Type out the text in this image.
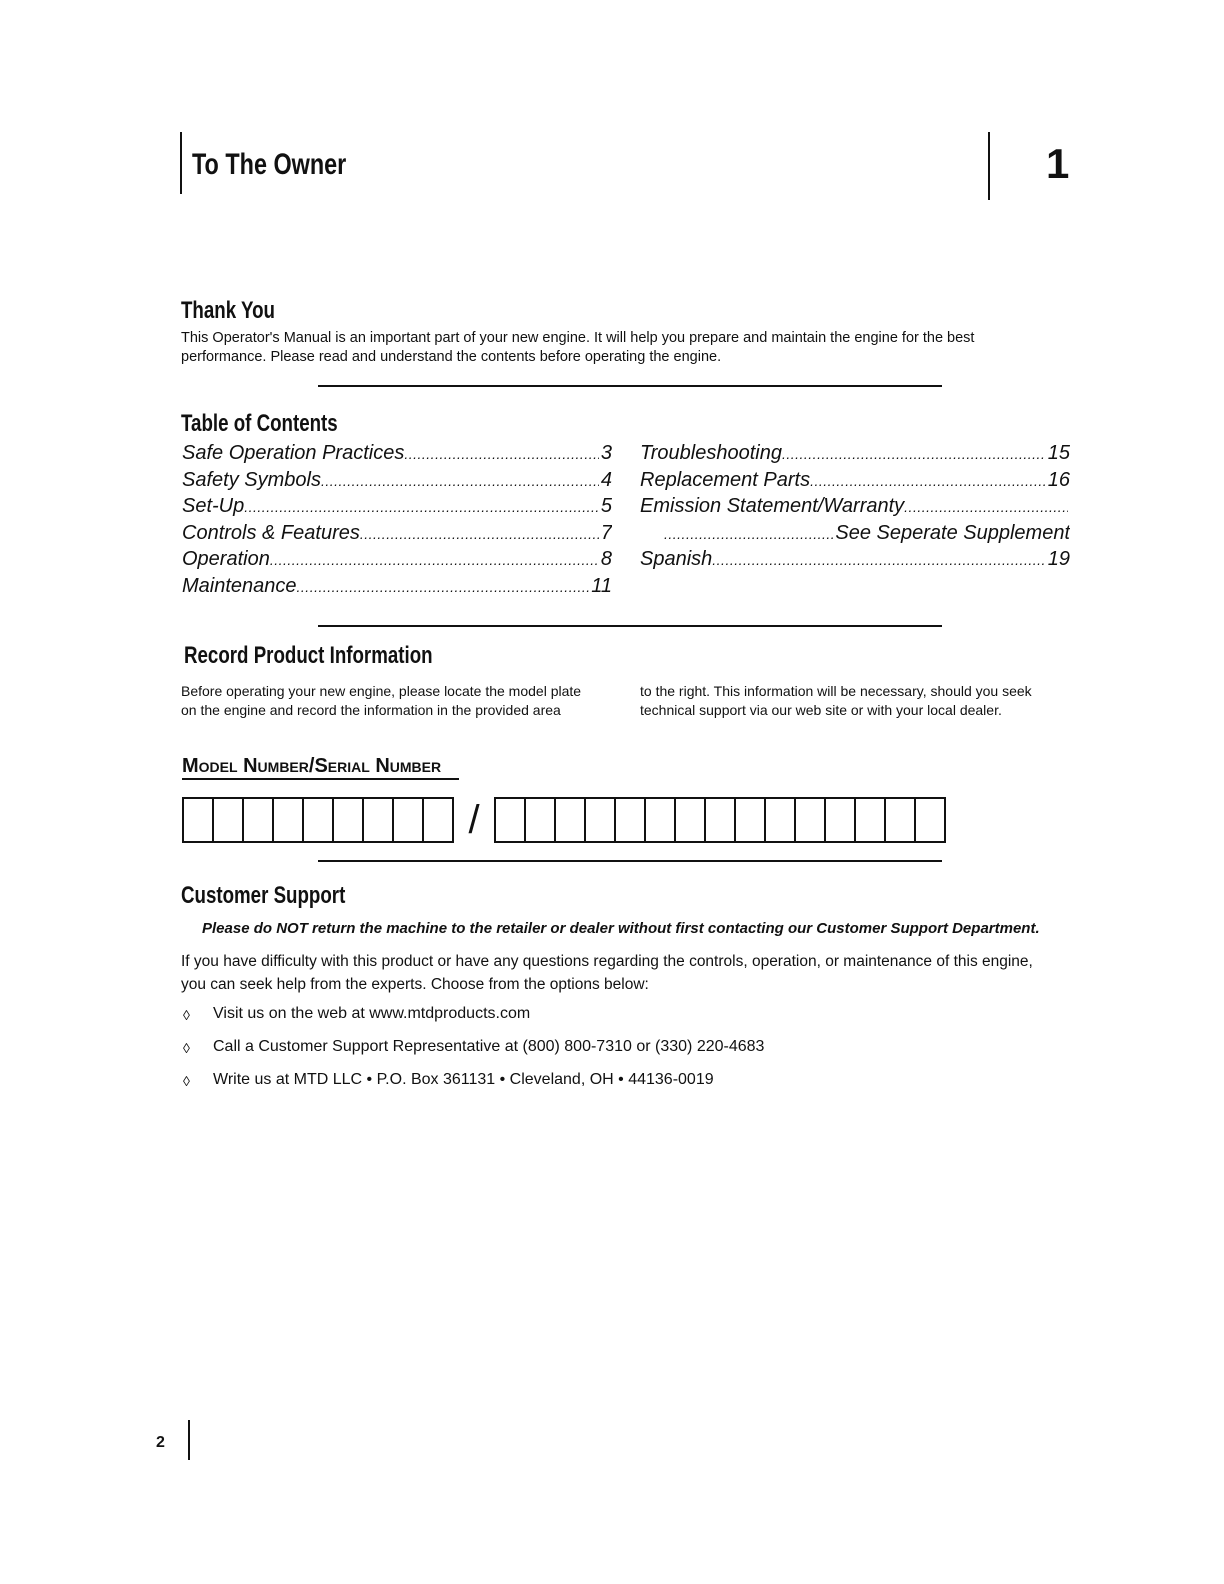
To The Owner	1
Thank You
This Operator's Manual is an important part of your new engine. It will help you prepare and maintain the engine for the best
performance. Please read and understand the contents before operating the engine.
Table of Contents
Safe Operation Practices .....	3
Safety Symbols .....	4
Set-Up .....	5
Controls & Features .....	7
Operation .....	8
Maintenance .....	11
Troubleshooting .....	15
Replacement Parts .....	16
Emission Statement/Warranty
.....
.....
See Seperate Supplement
Spanish .....	19
Record Product Information
Before operating your new engine, please locate the model plate
on the engine and record the information in the provided area
to the right. This information will be necessary, should you seek
technical support via our web site or with your local dealer.
Model Number/Serial Number
/
Customer Support
Please do NOT return the machine to the retailer or dealer without first contacting our Customer Support Department.
If you have difficulty with this product or have any questions regarding the controls, operation, or maintenance of this engine,
you can seek help from the experts. Choose from the options below:
◊ Visit us on the web at www.mtdproducts.com
◊ Call a Customer Support Representative at (800) 800-7310 or (330) 220-4683
◊ Write us at MTD LLC • P.O. Box 361131 • Cleveland, OH • 44136-0019
2
